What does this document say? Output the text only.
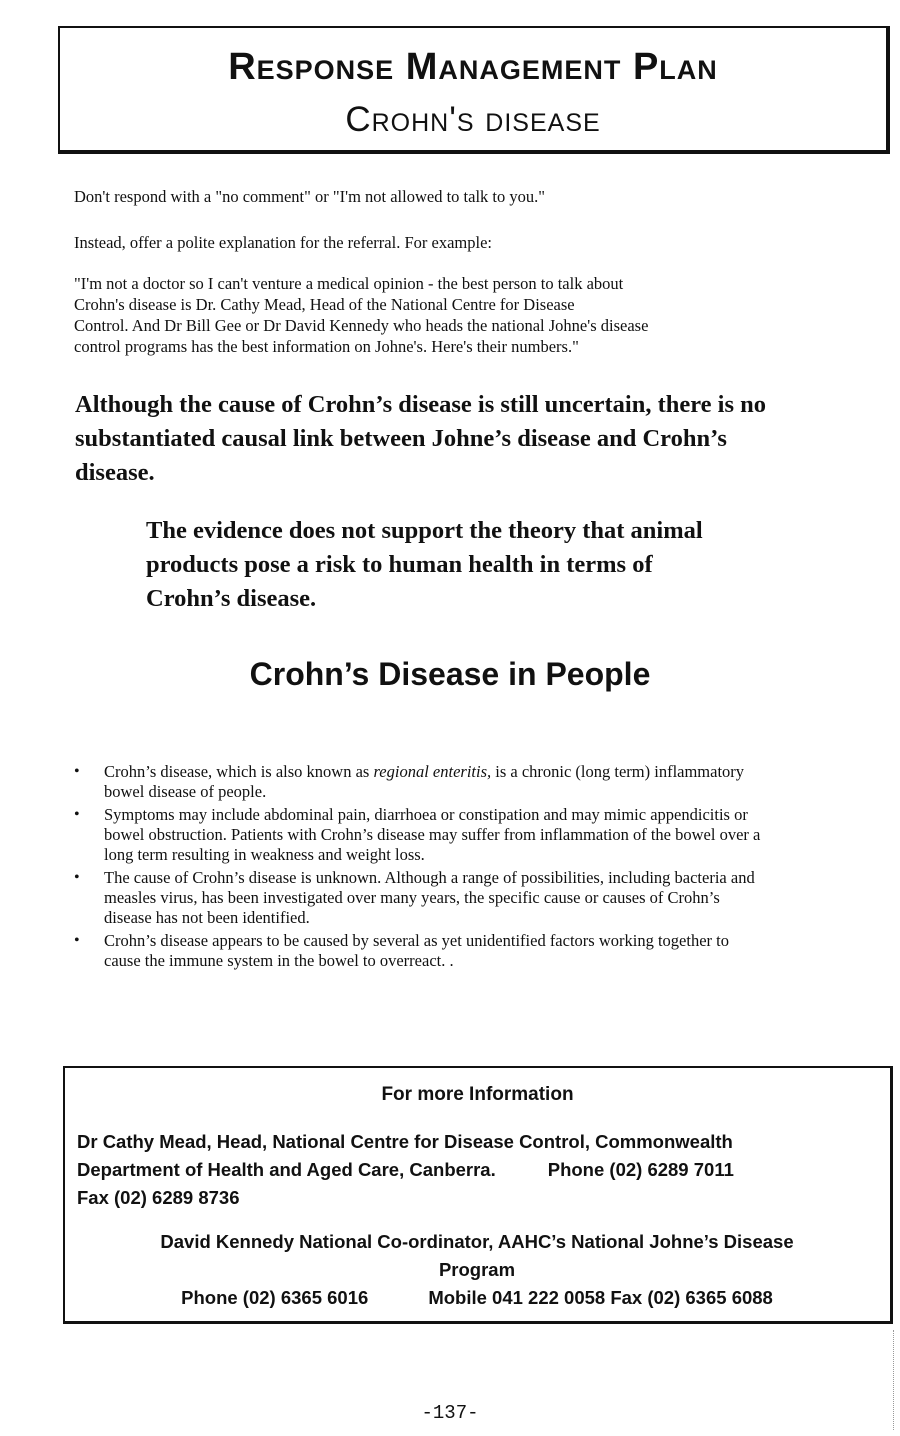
Response Management Plan
Crohn's disease
Don't respond with a "no comment" or "I'm not allowed to talk to you."
Instead, offer a polite explanation for the referral. For example:
"I'm not a doctor so I can't venture a medical opinion - the best person to talk about
Crohn's disease is Dr. Cathy Mead, Head of the National Centre for Disease
Control. And Dr Bill Gee or Dr David Kennedy who heads the national Johne's disease
control programs has the best information on Johne's. Here's their numbers."
Although the cause of Crohn’s disease is still uncertain, there is no
substantiated causal link between Johne’s disease and Crohn’s
disease.
The evidence does not support the theory that animal
products pose a risk to human health in terms of
Crohn’s disease.
Crohn’s Disease in People
•	Crohn’s disease, which is also known as regional enteritis, is a chronic (long term) inflammatory
bowel disease of people.
•	Symptoms may include abdominal pain, diarrhoea or constipation and may mimic appendicitis or
bowel obstruction. Patients with Crohn’s disease may suffer from inflammation of the bowel over a
long term resulting in weakness and weight loss.
•	The cause of Crohn’s disease is unknown. Although a range of possibilities, including bacteria and
measles virus, has been investigated over many years, the specific cause or causes of Crohn’s
disease has not been identified.
•	Crohn’s disease appears to be caused by several as yet unidentified factors working together to
cause the immune system in the bowel to overreact. .
For more Information
Dr Cathy Mead, Head, National Centre for Disease Control, Commonwealth
Department of Health and Aged Care, Canberra.	Phone (02) 6289 7011
Fax (02) 6289 8736
David Kennedy National Co-ordinator, AAHC’s National Johne’s Disease
Program
Phone (02) 6365 6016	Mobile 041 222 0058 Fax (02) 6365 6088
-137-
